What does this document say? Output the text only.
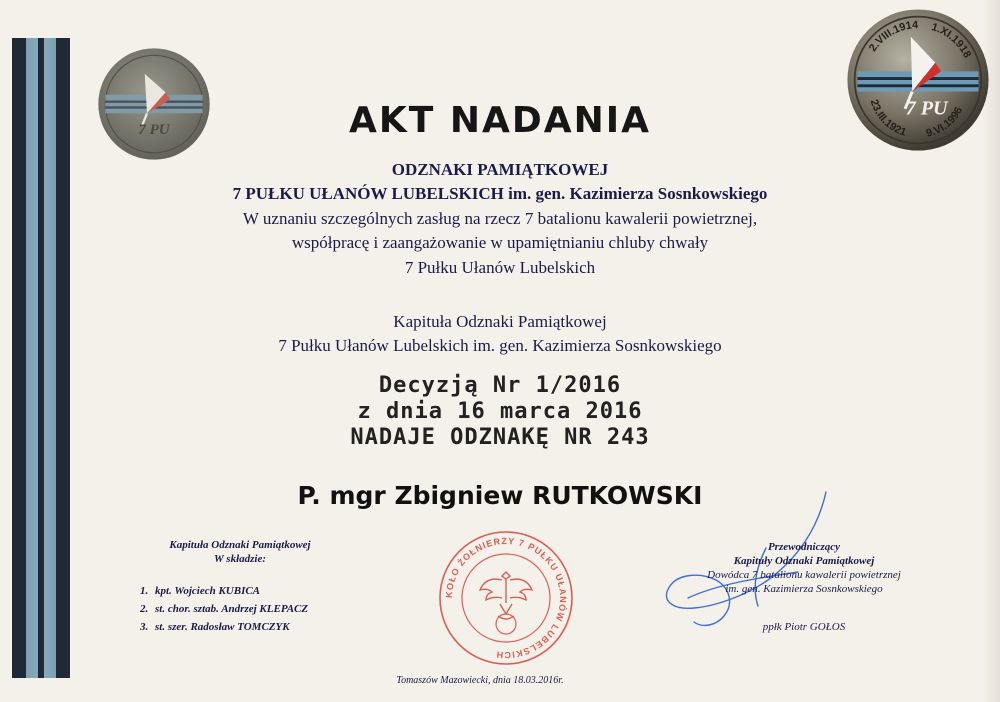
7 PU
2.VIII.1914 1.XI.1918
23.III.1921 9.VI.1996
7 PU
AKT NADANIA
ODZNAKI PAMIĄTKOWEJ
7 PUŁKU UŁANÓW LUBELSKICH im. gen. Kazimierza Sosnkowskiego
W uznaniu szczególnych zasług na rzecz 7 batalionu kawalerii powietrznej,
współpracę i zaangażowanie w upamiętnianiu chluby chwały
7 Pułku Ułanów Lubelskich
Kapituła Odznaki Pamiątkowej
7 Pułku Ułanów Lubelskich im. gen. Kazimierza Sosnkowskiego
Decyzją Nr 1/2016
z dnia 16 marca 2016
NADAJE ODZNAKĘ NR 243
P. mgr Zbigniew RUTKOWSKI
Kapituła Odznaki Pamiątkowej
W składzie:
1. kpt. Wojciech KUBICA
2. st. chor. sztab. Andrzej KLEPACZ
3. st. szer. Radosław TOMCZYK
KOŁO ŻOŁNIERZY 7 PUŁKU UŁANÓW LUBELSKICH
Przewodniczący
Kapituły Odznaki Pamiątkowej
Dowódca 7 batalionu kawalerii powietrznej
im. gen. Kazimierza Sosnkowskiego
ppłk Piotr GOŁOS
Tomaszów Mazowiecki, dnia 18.03.2016r.
